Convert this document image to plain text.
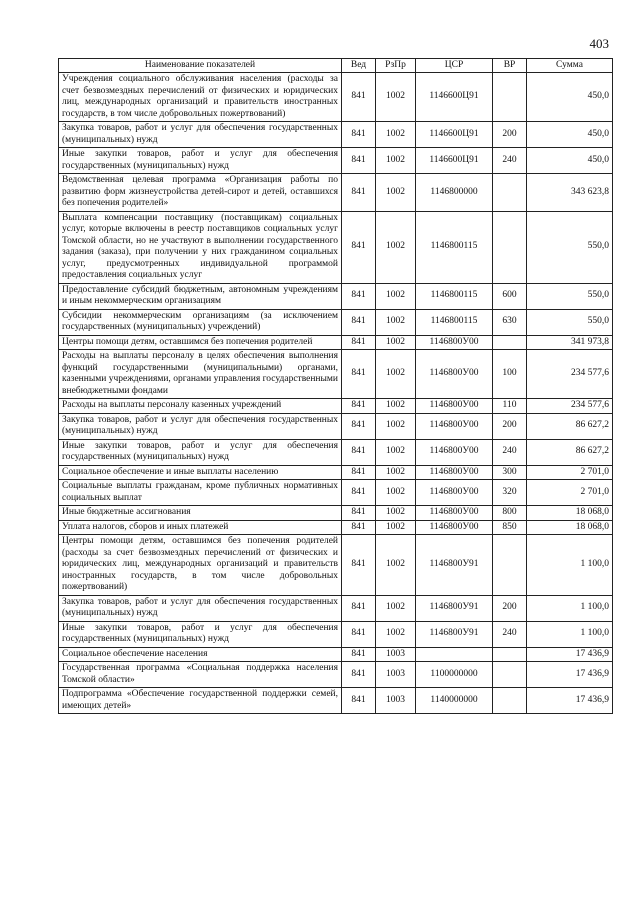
403
Наименование показателей	Вед	РзПр	ЦСР	ВР	Сумма
Учреждения социального обслуживания населения (расходы за счет безвозмездных перечислений от физических и юридических лиц, международных организаций и правительств иностранных государств, в том числе добровольных пожертвований)	841	1002	1146600Ц91		450,0
Закупка товаров, работ и услуг для обеспечения государственных (муниципальных) нужд	841	1002	1146600Ц91	200	450,0
Иные закупки товаров, работ и услуг для обеспечения государственных (муниципальных) нужд	841	1002	1146600Ц91	240	450,0
Ведомственная целевая программа «Организация работы по развитию форм жизнеустройства детей-сирот и детей, оставшихся без попечения родителей»	841	1002	1146800000		343 623,8
Выплата компенсации поставщику (поставщикам) социальных услуг, которые включены в реестр поставщиков социальных услуг Томской области, но не участвуют в выполнении государственного задания (заказа), при получении у них гражданином социальных услуг, предусмотренных индивидуальной программой предоставления социальных услуг	841	1002	1146800115		550,0
Предоставление субсидий бюджетным, автономным учреждениям и иным некоммерческим организациям	841	1002	1146800115	600	550,0
Субсидии некоммерческим организациям (за исключением государственных (муниципальных) учреждений)	841	1002	1146800115	630	550,0
Центры помощи детям, оставшимся без попечения родителей	841	1002	1146800У00		341 973,8
Расходы на выплаты персоналу в целях обеспечения выполнения функций государственными (муниципальными) органами, казенными учреждениями, органами управления государственными внебюджетными фондами	841	1002	1146800У00	100	234 577,6
Расходы на выплаты персоналу казенных учреждений	841	1002	1146800У00	110	234 577,6
Закупка товаров, работ и услуг для обеспечения государственных (муниципальных) нужд	841	1002	1146800У00	200	86 627,2
Иные закупки товаров, работ и услуг для обеспечения государственных (муниципальных) нужд	841	1002	1146800У00	240	86 627,2
Социальное обеспечение и иные выплаты населению	841	1002	1146800У00	300	2 701,0
Социальные выплаты гражданам, кроме публичных нормативных социальных выплат	841	1002	1146800У00	320	2 701,0
Иные бюджетные ассигнования	841	1002	1146800У00	800	18 068,0
Уплата налогов, сборов и иных платежей	841	1002	1146800У00	850	18 068,0
Центры помощи детям, оставшимся без попечения родителей (расходы за счет безвозмездных перечислений от физических и юридических лиц, международных организаций и правительств иностранных государств, в том числе добровольных пожертвований)	841	1002	1146800У91		1 100,0
Закупка товаров, работ и услуг для обеспечения государственных (муниципальных) нужд	841	1002	1146800У91	200	1 100,0
Иные закупки товаров, работ и услуг для обеспечения государственных (муниципальных) нужд	841	1002	1146800У91	240	1 100,0
Социальное обеспечение населения	841	1003			17 436,9
Государственная программа «Социальная поддержка населения Томской области»	841	1003	1100000000		17 436,9
Подпрограмма «Обеспечение государственной поддержки семей, имеющих детей»	841	1003	1140000000		17 436,9
